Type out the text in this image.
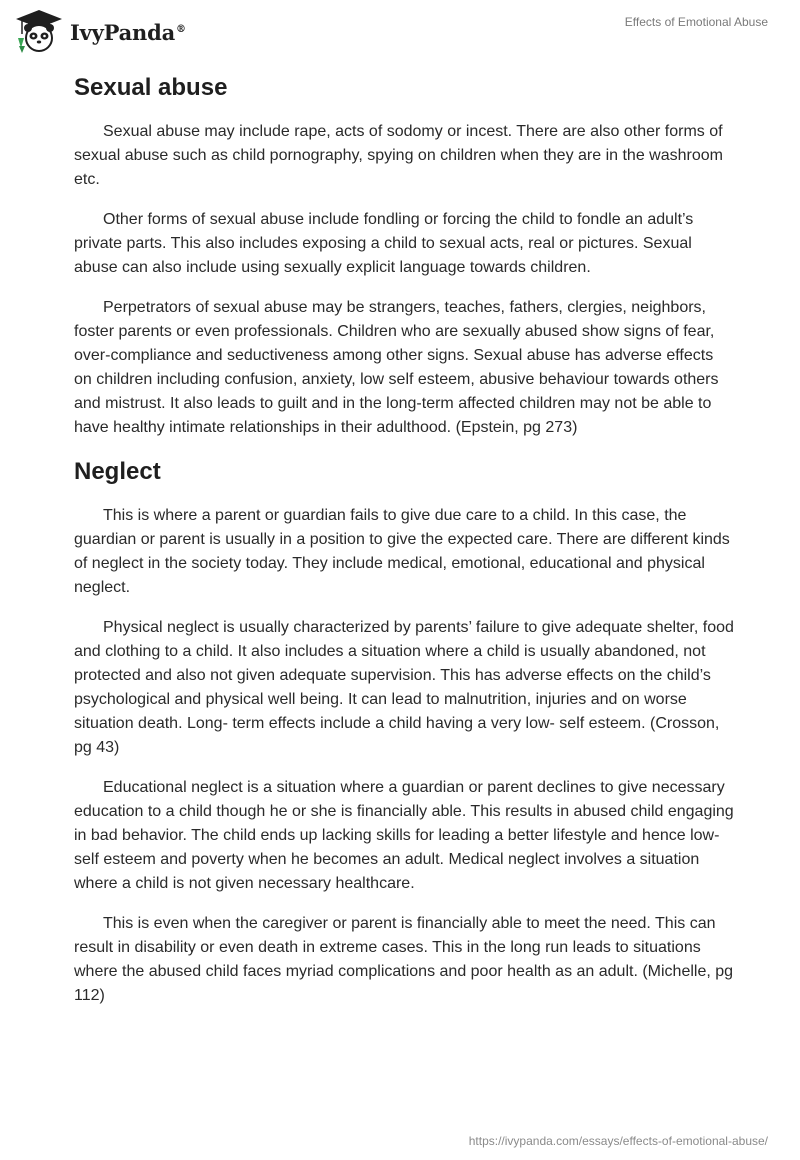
IvyPanda®	Effects of Emotional Abuse
Sexual abuse

Sexual abuse may include rape, acts of sodomy or incest. There are also other forms of sexual abuse such as child pornography, spying on children when they are in the washroom etc.

Other forms of sexual abuse include fondling or forcing the child to fondle an adult’s private parts. This also includes exposing a child to sexual acts, real or pictures. Sexual abuse can also include using sexually explicit language towards children.

Perpetrators of sexual abuse may be strangers, teaches, fathers, clergies, neighbors, foster parents or even professionals. Children who are sexually abused show signs of fear, over-compliance and seductiveness among other signs. Sexual abuse has adverse effects on children including confusion, anxiety, low self esteem, abusive behaviour towards others and mistrust. It also leads to guilt and in the long-term affected children may not be able to have healthy intimate relationships in their adulthood. (Epstein, pg 273)

Neglect

This is where a parent or guardian fails to give due care to a child. In this case, the guardian or parent is usually in a position to give the expected care. There are different kinds of neglect in the society today. They include medical, emotional, educational and physical neglect.

Physical neglect is usually characterized by parents’ failure to give adequate shelter, food and clothing to a child. It also includes a situation where a child is usually abandoned, not protected and also not given adequate supervision. This has adverse effects on the child’s psychological and physical well being. It can lead to malnutrition, injuries and on worse situation death. Long- term effects include a child having a very low- self esteem. (Crosson, pg 43)

Educational neglect is a situation where a guardian or parent declines to give necessary education to a child though he or she is financially able. This results in abused child engaging in bad behavior. The child ends up lacking skills for leading a better lifestyle and hence low- self esteem and poverty when he becomes an adult. Medical neglect involves a situation where a child is not given necessary healthcare.

This is even when the caregiver or parent is financially able to meet the need. This can result in disability or even death in extreme cases. This in the long run leads to situations where the abused child faces myriad complications and poor health as an adult. (Michelle, pg 112)

https://ivypanda.com/essays/effects-of-emotional-abuse/
